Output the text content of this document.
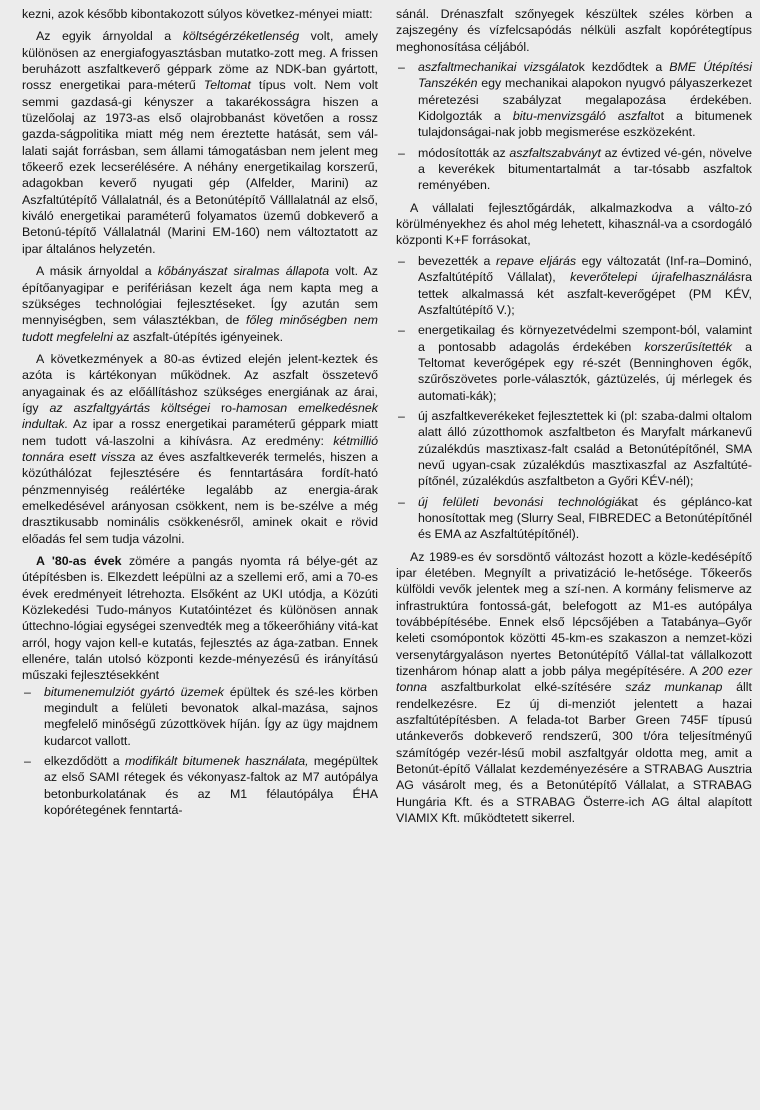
kezni, azok később kibontakozott súlyos következ-ményei miatt:

Az egyik árnyoldal a költségérzéketlenség volt, amely különösen az energiafogyasztásban mutatko-zott meg. A frissen beruházott aszfaltkeverő géppark zöme az NDK-ban gyártott, rossz energetikai para-méterű Teltomat típus volt. Nem volt semmi gazdasá-gi kényszer a takarékosságra hiszen a tüzelőolaj az 1973-as első olajrobbanást követően a rossz gazda-ságpolitika miatt még nem éreztette hatását, sem vál-lalati saját forrásban, sem állami támogatásban nem jelent meg tőkeerő ezek lecserélésére. A néhány energetikailag korszerű, adagokban keverő nyugati gép (Alfelder, Marini) az Aszfaltútépítő Vállalatnál, és a Betonútépítő Válllalatnál az első, kiváló energetikai paraméterű folyamatos üzemű dobkeverő a Betonú-tépítő Vállalatnál (Marini EM-160) nem változtatott az ipar általános helyzetén.

A másik árnyoldal a kőbányászat siralmas állapota volt. Az építőanyagipar e perifériásan kezelt ága nem kapta meg a szükséges technológiai fejlesztéseket. Így azután sem mennyiségben, sem választékban, de főleg minőségben nem tudott megfelelni az aszfalt-útépítés igényeinek.

A következmények a 80-as évtized elején jelent-keztek és azóta is kártékonyan működnek. Az aszfalt összetevő anyagainak és az előállításhoz szükséges energiának az árai, így az aszfaltgyártás költségei ro-hamosan emelkedésnek indultak. Az ipar a rossz energetikai paraméterű géppark miatt nem tudott vá-laszolni a kihívásra. Az eredmény: kétmillió tonnára esett vissza az éves aszfaltkeverék termelés, hiszen a közúthálózat fejlesztésére és fenntartására fordít-ható pénzmennyiség reálértéke legalább az energia-árak emelkedésével arányosan csökkent, nem is be-szélve a még drasztikusabb nominális csökkenésről, aminek okait e rövid előadás fel sem tudja vázolni.

A '80-as évek zömére a pangás nyomta rá bélye-gét az útépítésben is. Elkezdett leépülni az a szellemi erő, ami a 70-es évek eredményeit létrehozta. Elsőként az UKI utódja, a Közúti Közlekedési Tudo-mányos Kutatóintézet és különösen annak úttechno-lógiai egységei szenvedték meg a tőkeerőhiány vitá-kat arról, hogy vajon kell-e kutatás, fejlesztés az ága-zatban. Ennek ellenére, talán utolsó központi kezde-ményezésű és irányítású műszaki fejlesztésekként

– bitumenemulziót gyártó üzemek épültek és szé-les körben megindult a felületi bevonatok alkal-mazása, sajnos megfelelő minőségű zúzottkövek híján. Így az ügy majdnem kudarcot vallott.
– elkezdődött a modifikált bitumenek használata, megépültek az első SAMI rétegek és vékonyasz-faltok az M7 autópálya betonburkolatának és az M1 félautópálya ÉHA kopórétegének fenntartá-

sánál. Drénaszfalt szőnyegek készültek széles körben a zajszegény és vízfelcsapódás nélküli aszfalt kopórétegtípus meghonosítása céljából.

– aszfaltmechanikai vizsgálatok kezdődtek a BME Útépítési Tanszékén egy mechanikai alapokon nyugvó pályaszerkezet méretezési szabályzat megalapozása érdekében. Kidolgozták a bitu-menvizsgáló aszfaltot a bitumenek tulajdonságai-nak jobb megismerése eszközeként.
– módosították az aszfaltszabványt az évtized vé-gén, növelve a keverékek bitumentartalmát a tar-tósabb aszfaltok reményében.

A vállalati fejlesztőgárdák, alkalmazkodva a válto-zó körülményekhez és ahol még lehetett, kihasznál-va a csordogáló központi K+F forrásokat,

– bevezették a repave eljárás egy változatát (Inf-ra–Dominó, Aszfaltútépítő Vállalat), keverőtelepi újrafelhasználásra tettek alkalmassá két aszfalt-keverőgépet (PM KÉV, Aszfaltútépítő V.);
– energetikailag és környezetvédelmi szempont-ból, valamint a pontosabb adagolás érdekében korszerűsítették a Teltomat keverőgépek egy ré-szét (Benninghoven égők, szűrőszövetes porle-választók, gáztüzelés, új mérlegek és automati-kák);
– új aszfaltkeverékeket fejlesztettek ki (pl: szaba-dalmi oltalom alatt álló zúzotthomok aszfaltbeton és Maryfalt márkanevű zúzalékdús masztixasz-falt család a Betonútépítőnél, SMA nevű ugyan-csak zúzalékdús masztixaszfal az Aszfaltúté-pítőnél, zúzalékdús aszfaltbeton a Győri KÉV-nél);
– új felületi bevonási technológiákat és géplánco-kat honosítottak meg (Slurry Seal, FIBREDEC a Betonútépítőnél és EMA az Aszfaltútépítőnél).

Az 1989-es év sorsdöntő változást hozott a közle-kedésépítő ipar életében. Megnyílt a privatizáció le-hetősége. Tőkeerős külföldi vevők jelentek meg a szí-nen. A kormány felismerve az infrastruktúra fontossá-gát, belefogott az M1-es autópálya továbbépítésébe. Ennek első lépcsőjében a Tatabánya–Győr keleti csomópontok közötti 45-km-es szakaszon a nemzet-közi versenytárgyaláson nyertes Betonútépítő Vállal-tat vállalkozott tizenhárom hónap alatt a jobb pálya megépítésére. A 200 ezer tonna aszfaltburkolat elké-szítésére száz munkanap állt rendelkezésre. Ez új di-menziót jelentett a hazai aszfaltútépítésben. A felada-tot Barber Green 745F típusú utánkeverős dobkeverő rendszerű, 300 t/óra teljesítményű számítógép vezér-lésű mobil aszfaltgyár oldotta meg, amit a Betonút-építő Vállalat kezdeményezésére a STRABAG Ausztria AG vásárolt meg, és a Betonútépítő Vállalat, a STRABAG Hungária Kft. és a STRABAG Österre-ich AG által alapított VIAMIX Kft. működtetett sikerrel.
